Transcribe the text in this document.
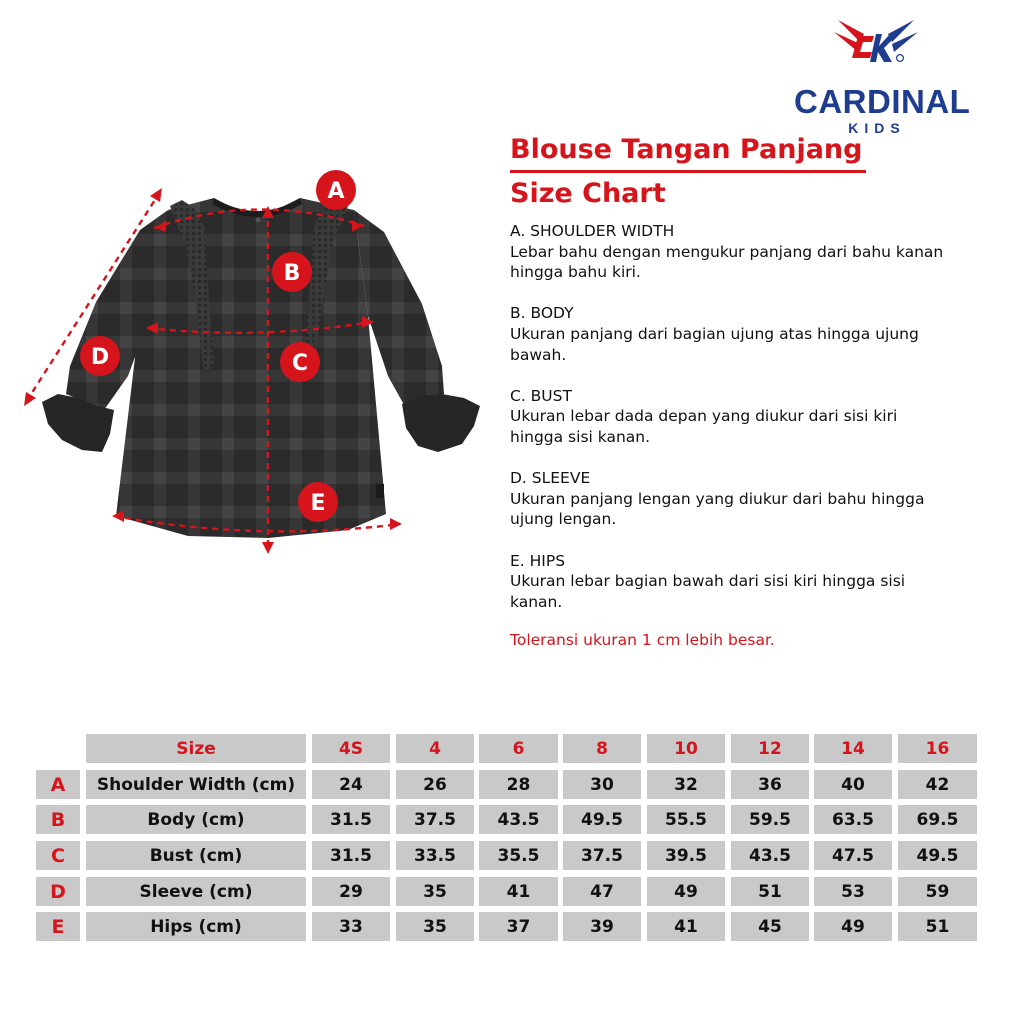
CARDINAL
KIDS
Blouse Tangan Panjang
Size Chart
A. SHOULDER WIDTH
Lebar bahu dengan mengukur panjang dari bahu kanan hingga bahu kiri.
B. BODY
Ukuran panjang dari bagian ujung atas hingga ujung bawah.
C. BUST
Ukuran lebar dada depan yang diukur dari sisi kiri hingga sisi kanan.
D. SLEEVE
Ukuran panjang lengan yang diukur dari bahu hingga ujung lengan.
E. HIPS
Ukuran lebar bagian bawah dari sisi kiri hingga sisi kanan.
Toleransi ukuran 1 cm lebih besar.
A
B
C
D
E
Size	4S	4	6	8	10	12	14	16
A	Shoulder Width (cm)	24	26	28	30	32	36	40	42
B	Body (cm)	31.5	37.5	43.5	49.5	55.5	59.5	63.5	69.5
C	Bust (cm)	31.5	33.5	35.5	37.5	39.5	43.5	47.5	49.5
D	Sleeve (cm)	29	35	41	47	49	51	53	59
E	Hips (cm)	33	35	37	39	41	45	49	51
